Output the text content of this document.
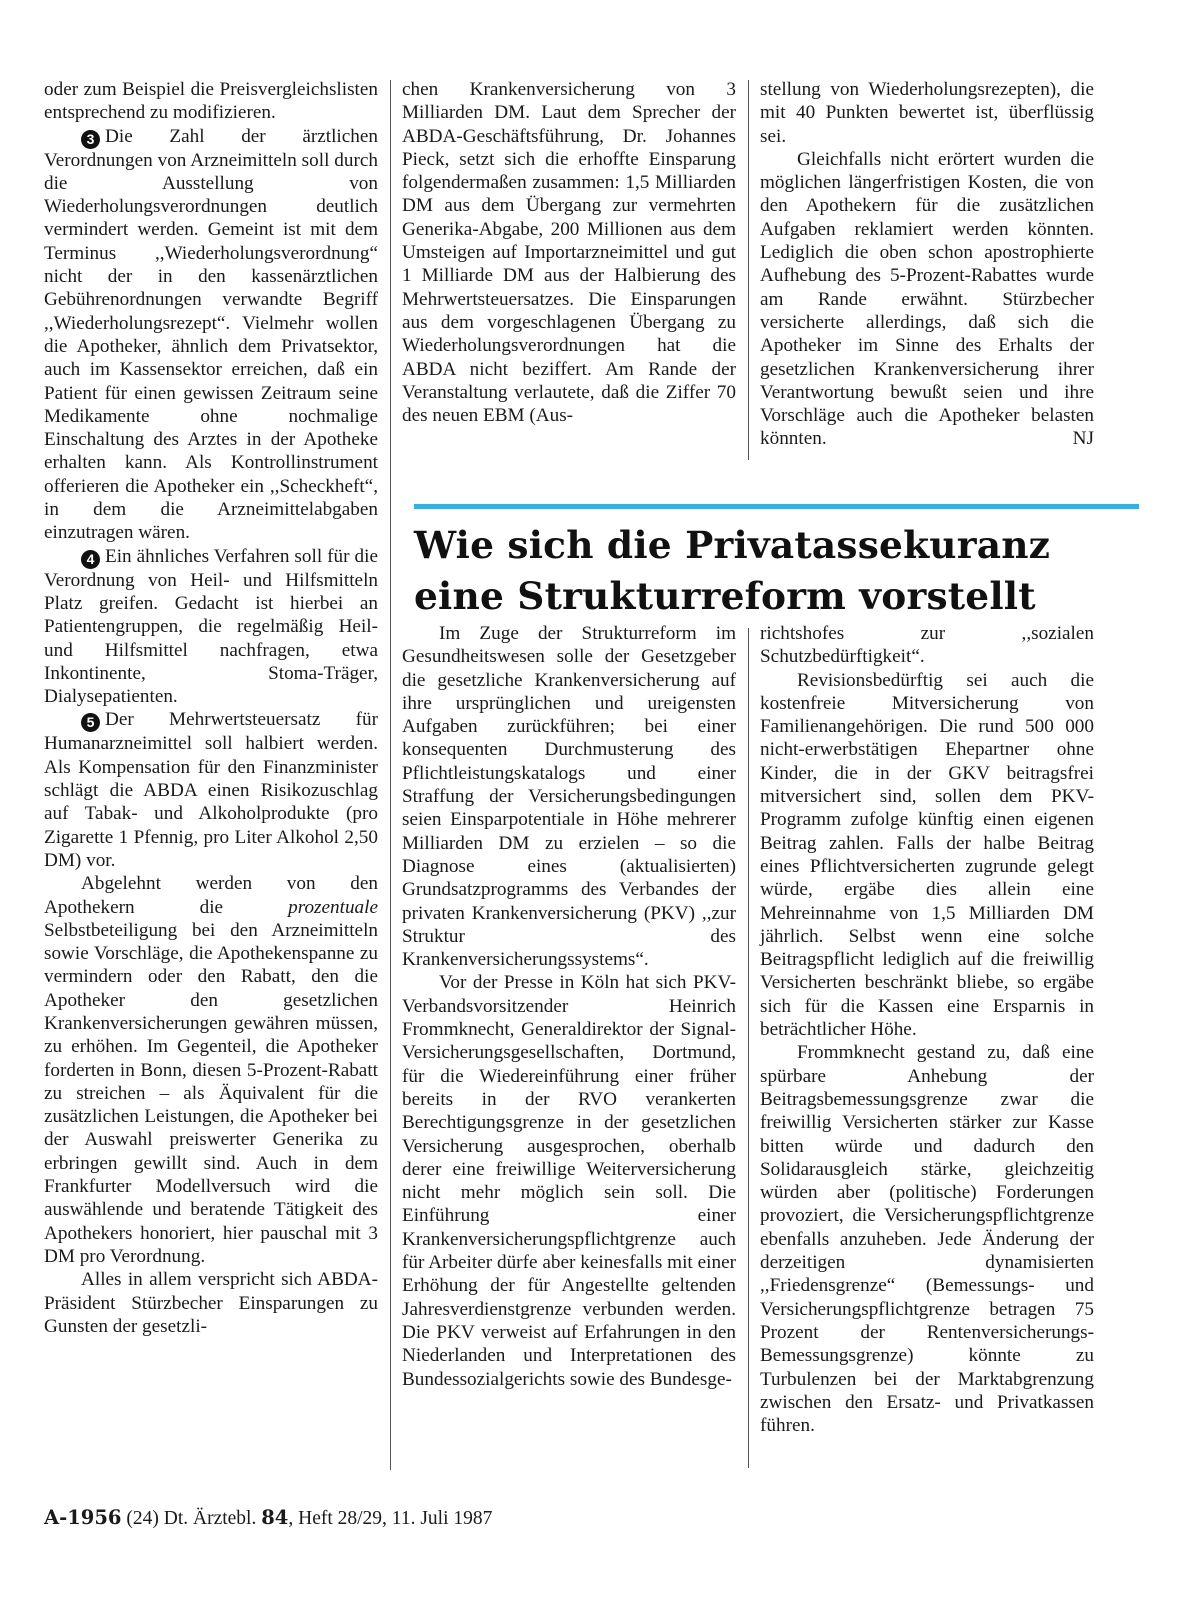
oder zum Beispiel die Preisvergleichslisten entsprechend zu modifizieren.

3 Die Zahl der ärztlichen Verordnungen von Arzneimitteln soll durch die Ausstellung von Wiederholungsverordnungen deutlich vermindert werden. Gemeint ist mit dem Terminus ,,Wiederholungsverordnung“ nicht der in den kassenärztlichen Gebührenordnungen verwandte Begriff ,,Wiederholungsrezept“. Vielmehr wollen die Apotheker, ähnlich dem Privatsektor, auch im Kassensektor erreichen, daß ein Patient für einen gewissen Zeitraum seine Medikamente ohne nochmalige Einschaltung des Arztes in der Apotheke erhalten kann. Als Kontrollinstrument offerieren die Apotheker ein ,,Scheckheft“, in dem die Arzneimittelabgaben einzutragen wären.

4 Ein ähnliches Verfahren soll für die Verordnung von Heil- und Hilfsmitteln Platz greifen. Gedacht ist hierbei an Patientengruppen, die regelmäßig Heil- und Hilfsmittel nachfragen, etwa Inkontinente, Stoma-Träger, Dialysepatienten.

5 Der Mehrwertsteuersatz für Humanarzneimittel soll halbiert werden. Als Kompensation für den Finanzminister schlägt die ABDA einen Risikozuschlag auf Tabak- und Alkoholprodukte (pro Zigarette 1 Pfennig, pro Liter Alkohol 2,50 DM) vor.

Abgelehnt werden von den Apothekern die prozentuale Selbstbeteiligung bei den Arzneimitteln sowie Vorschläge, die Apothekenspanne zu vermindern oder den Rabatt, den die Apotheker den gesetzlichen Krankenversicherungen gewähren müssen, zu erhöhen. Im Gegenteil, die Apotheker forderten in Bonn, diesen 5-Prozent-Rabatt zu streichen – als Äquivalent für die zusätzlichen Leistungen, die Apotheker bei der Auswahl preiswerter Generika zu erbringen gewillt sind. Auch in dem Frankfurter Modellversuch wird die auswählende und beratende Tätigkeit des Apothekers honoriert, hier pauschal mit 3 DM pro Verordnung.

Alles in allem verspricht sich ABDA-Präsident Stürzbecher Einsparungen zu Gunsten der gesetzli-

chen Krankenversicherung von 3 Milliarden DM. Laut dem Sprecher der ABDA-Geschäftsführung, Dr. Johannes Pieck, setzt sich die erhoffte Einsparung folgendermaßen zusammen: 1,5 Milliarden DM aus dem Übergang zur vermehrten Generika-Abgabe, 200 Millionen aus dem Umsteigen auf Importarzneimittel und gut 1 Milliarde DM aus der Halbierung des Mehrwertsteuersatzes. Die Einsparungen aus dem vorgeschlagenen Übergang zu Wiederholungsverordnungen hat die ABDA nicht beziffert. Am Rande der Veranstaltung verlautete, daß die Ziffer 70 des neuen EBM (Aus-

stellung von Wiederholungsrezepten), die mit 40 Punkten bewertet ist, überflüssig sei.

Gleichfalls nicht erörtert wurden die möglichen längerfristigen Kosten, die von den Apothekern für die zusätzlichen Aufgaben reklamiert werden könnten. Lediglich die oben schon apostrophierte Aufhebung des 5-Prozent-Rabattes wurde am Rande erwähnt. Stürzbecher versicherte allerdings, daß sich die Apotheker im Sinne des Erhalts der gesetzlichen Krankenversicherung ihrer Verantwortung bewußt seien und ihre Vorschläge auch die Apotheker belasten könnten.	NJ

Wie sich die Privatassekuranz eine Strukturreform vorstellt

Im Zuge der Strukturreform im Gesundheitswesen solle der Gesetzgeber die gesetzliche Krankenversicherung auf ihre ursprünglichen und ureigensten Aufgaben zurückführen; bei einer konsequenten Durchmusterung des Pflichtleistungskatalogs und einer Straffung der Versicherungsbedingungen seien Einsparpotentiale in Höhe mehrerer Milliarden DM zu erzielen – so die Diagnose eines (aktualisierten) Grundsatzprogramms des Verbandes der privaten Krankenversicherung (PKV) ,,zur Struktur des Krankenversicherungssystems“.

Vor der Presse in Köln hat sich PKV-Verbandsvorsitzender Heinrich Frommknecht, Generaldirektor der Signal-Versicherungsgesellschaften, Dortmund, für die Wiedereinführung einer früher bereits in der RVO verankerten Berechtigungsgrenze in der gesetzlichen Versicherung ausgesprochen, oberhalb derer eine freiwillige Weiterversicherung nicht mehr möglich sein soll. Die Einführung einer Krankenversicherungspflichtgrenze auch für Arbeiter dürfe aber keinesfalls mit einer Erhöhung der für Angestellte geltenden Jahresverdienstgrenze verbunden werden. Die PKV verweist auf Erfahrungen in den Niederlanden und Interpretationen des Bundessozialgerichts sowie des Bundesge-

richtshofes zur ,,sozialen Schutzbedürftigkeit“.

Revisionsbedürftig sei auch die kostenfreie Mitversicherung von Familienangehörigen. Die rund 500 000 nicht-erwerbstätigen Ehepartner ohne Kinder, die in der GKV beitragsfrei mitversichert sind, sollen dem PKV-Programm zufolge künftig einen eigenen Beitrag zahlen. Falls der halbe Beitrag eines Pflichtversicherten zugrunde gelegt würde, ergäbe dies allein eine Mehreinnahme von 1,5 Milliarden DM jährlich. Selbst wenn eine solche Beitragspflicht lediglich auf die freiwillig Versicherten beschränkt bliebe, so ergäbe sich für die Kassen eine Ersparnis in beträchtlicher Höhe.

Frommknecht gestand zu, daß eine spürbare Anhebung der Beitragsbemessungsgrenze zwar die freiwillig Versicherten stärker zur Kasse bitten würde und dadurch den Solidarausgleich stärke, gleichzeitig würden aber (politische) Forderungen provoziert, die Versicherungspflichtgrenze ebenfalls anzuheben. Jede Änderung der derzeitigen dynamisierten ,,Friedensgrenze“ (Bemessungs- und Versicherungspflichtgrenze betragen 75 Prozent der Rentenversicherungs-Bemessungsgrenze) könnte zu Turbulenzen bei der Marktabgrenzung zwischen den Ersatz- und Privatkassen führen.

A-1956 (24) Dt. Ärztebl. 84, Heft 28/29, 11. Juli 1987
